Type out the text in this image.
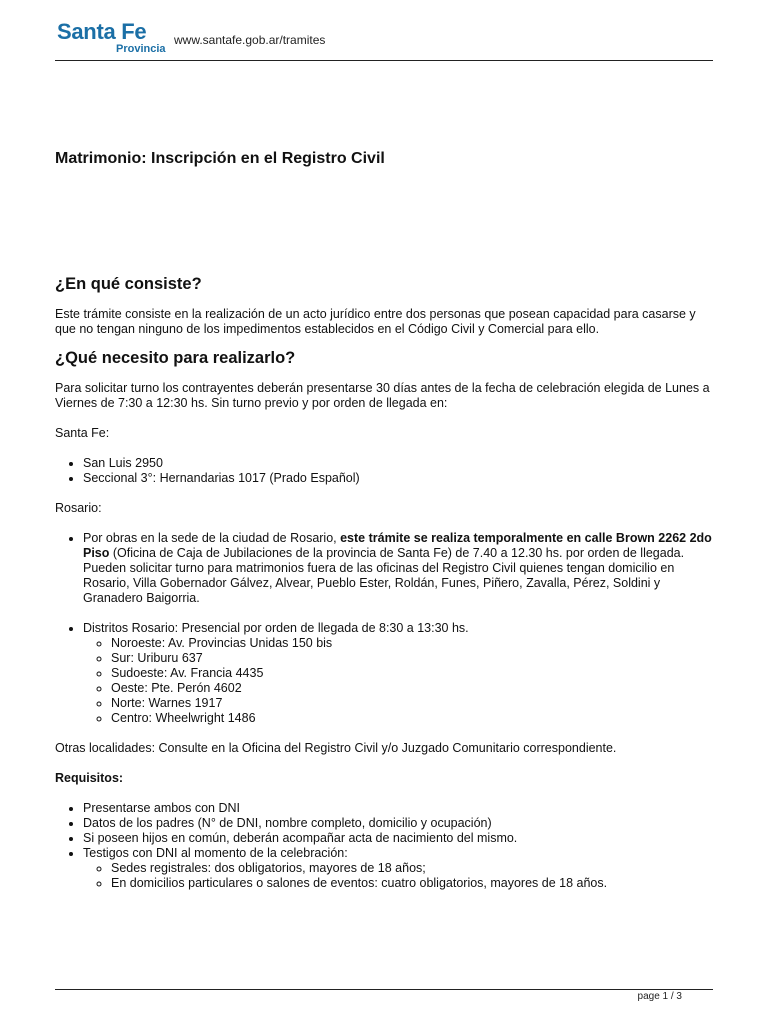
Santa Fe
Provincia
www.santafe.gob.ar/tramites
Matrimonio: Inscripción en el Registro Civil
¿En qué consiste?

Este trámite consiste en la realización de un acto jurídico entre dos personas que posean capacidad para casarse y que no tengan ninguno de los impedimentos establecidos en el Código Civil y Comercial para ello.

¿Qué necesito para realizarlo?

Para solicitar turno los contrayentes deberán presentarse 30 días antes de la fecha de celebración elegida de Lunes a Viernes de 7:30 a 12:30 hs. Sin turno previo y por orden de llegada en:

Santa Fe:

• San Luis 2950
• Seccional 3°: Hernandarias 1017 (Prado Español)

Rosario:

• Por obras en la sede de la ciudad de Rosario, este trámite se realiza temporalmente en calle Brown 2262 2do Piso (Oficina de Caja de Jubilaciones de la provincia de Santa Fe) de 7.40 a 12.30 hs. por orden de llegada. Pueden solicitar turno para matrimonios fuera de las oficinas del Registro Civil quienes tengan domicilio en Rosario, Villa Gobernador Gálvez, Alvear, Pueblo Ester, Roldán, Funes, Piñero, Zavalla, Pérez, Soldini y Granadero Baigorria.
• Distritos Rosario: Presencial por orden de llegada de 8:30 a 13:30 hs.
◦ Noroeste: Av. Provincias Unidas 150 bis
◦ Sur: Uriburu 637
◦ Sudoeste: Av. Francia 4435
◦ Oeste: Pte. Perón 4602
◦ Norte: Warnes 1917
◦ Centro: Wheelwright 1486

Otras localidades: Consulte en la Oficina del Registro Civil y/o Juzgado Comunitario correspondiente.

Requisitos:

• Presentarse ambos con DNI
• Datos de los padres (N° de DNI, nombre completo, domicilio y ocupación)
• Si poseen hijos en común, deberán acompañar acta de nacimiento del mismo.
• Testigos con DNI al momento de la celebración:
◦ Sedes registrales: dos obligatorios, mayores de 18 años;
◦ En domicilios particulares o salones de eventos: cuatro obligatorios, mayores de 18 años.
page 1 / 3
